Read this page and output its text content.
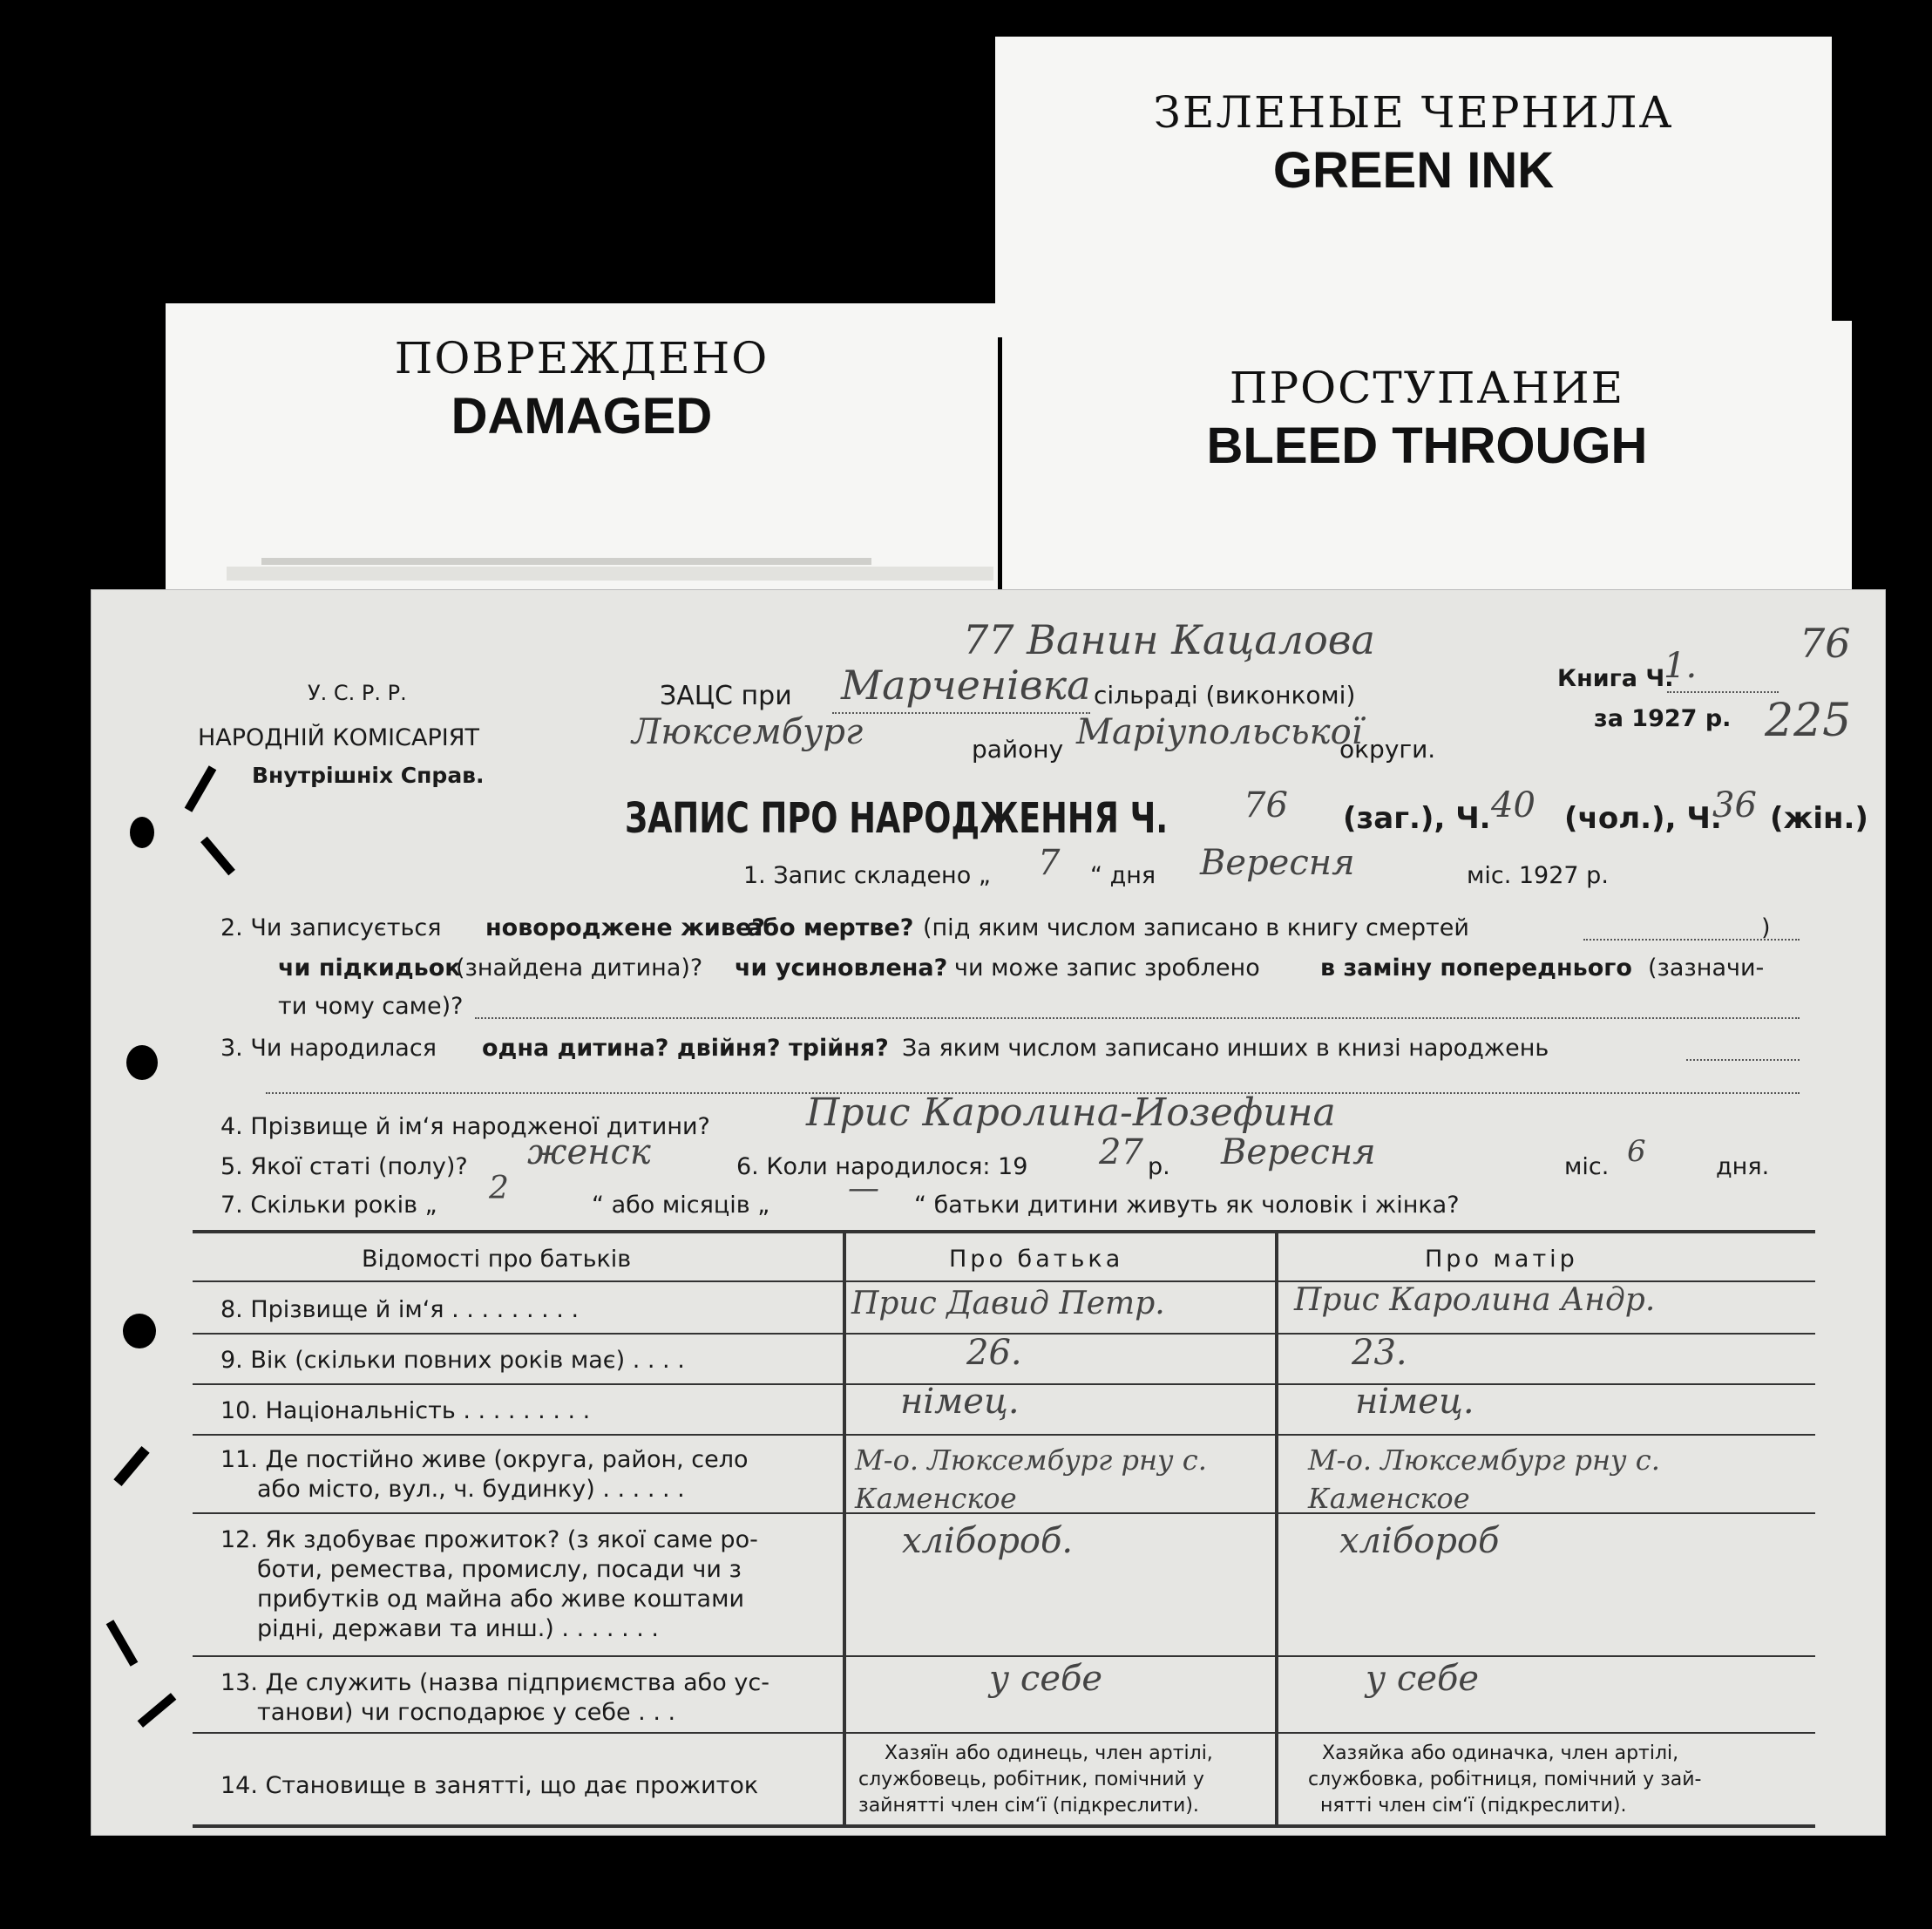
ЗЕЛЕНЫЕ ЧЕРНИЛА
GREEN INK
ПОВРЕЖДЕНО
DAMAGED	ПРОСТУПАНИЕ
BLEED THROUGH
У. С. Р. Р.
НАРОДНІЙ КОМІСАРІЯТ
Внутрішніх Справ.
77 Ванин Кацалова	76
ЗАЦС при Марченівка сільраді (виконкомі)
Книга Ч.
1.
за 1927 р. 225
Люксембург	району Маріупольської
округи.
ЗАПИС ПРО НАРОДЖЕННЯ Ч. 76 (заг.), Ч. 40 (чол.), Ч.
36 (жін.)
1. Запис складено „ 7 “ дня Вересня	міс. 1927 р.
2. Чи записується новороджене живе?
або мертве? (під яким числом записано в книгу смертей	)
чи підкидьок
(знайдена дитина)? чи усиновлена? чи може запис зроблено	в заміну попереднього (зазначи-
ти чому саме)?
3. Чи народилася одна дитина? двійня? трійня? За яким числом записано инших в книзі народжень
4. Прізвище й ім‘я народженої дитини?	Прис Каролина-Иозефина
5. Якої статі (полу)? женск	6. Коли народилося: 19 27 р. Вересня	міс. 6	дня.
7. Скільки років „ 2	“ або місяців „ — “ батьки дитини живуть як чоловік і жінка?
Відомості про батьків	Про батька	Про матір
8. Прізвище й ім‘я . . . . . . . . .	Прис Давид Петр.	Прис Каролина Андр.
9. Вік (скільки повних років має) . . . .	26.	23.
10. Національність . . . . . . . . .	німец.	німец.
11. Де постійно живе (округа, район, село
або місто, вул., ч. будинку) . . . . . .
М-о. Люксембург рну с. Каменское
М-о. Люксембург рну с. Каменское
12. Як здобуває прожиток? (з якої саме ро-
боти, ремества, промислу, посади чи з
прибутків од майна або живе коштами
рідні, держави та инш.) . . . . . . .
хлібороб.	хлібороб
13. Де служить (назва підприємства або ус-
танови) чи господарює у себе . . .
у себе	у себе
14. Становище в занятті, що дає прожиток
Хазяїн або одинець, член артілі,
службовець, робітник, помічний у
зайнятті член сім‘ї (підкреслити).
Хазяйка або одиначка, член артілі,
службовка, робітниця, помічний у зай-
нятті член сім‘ї (підкреслити).
